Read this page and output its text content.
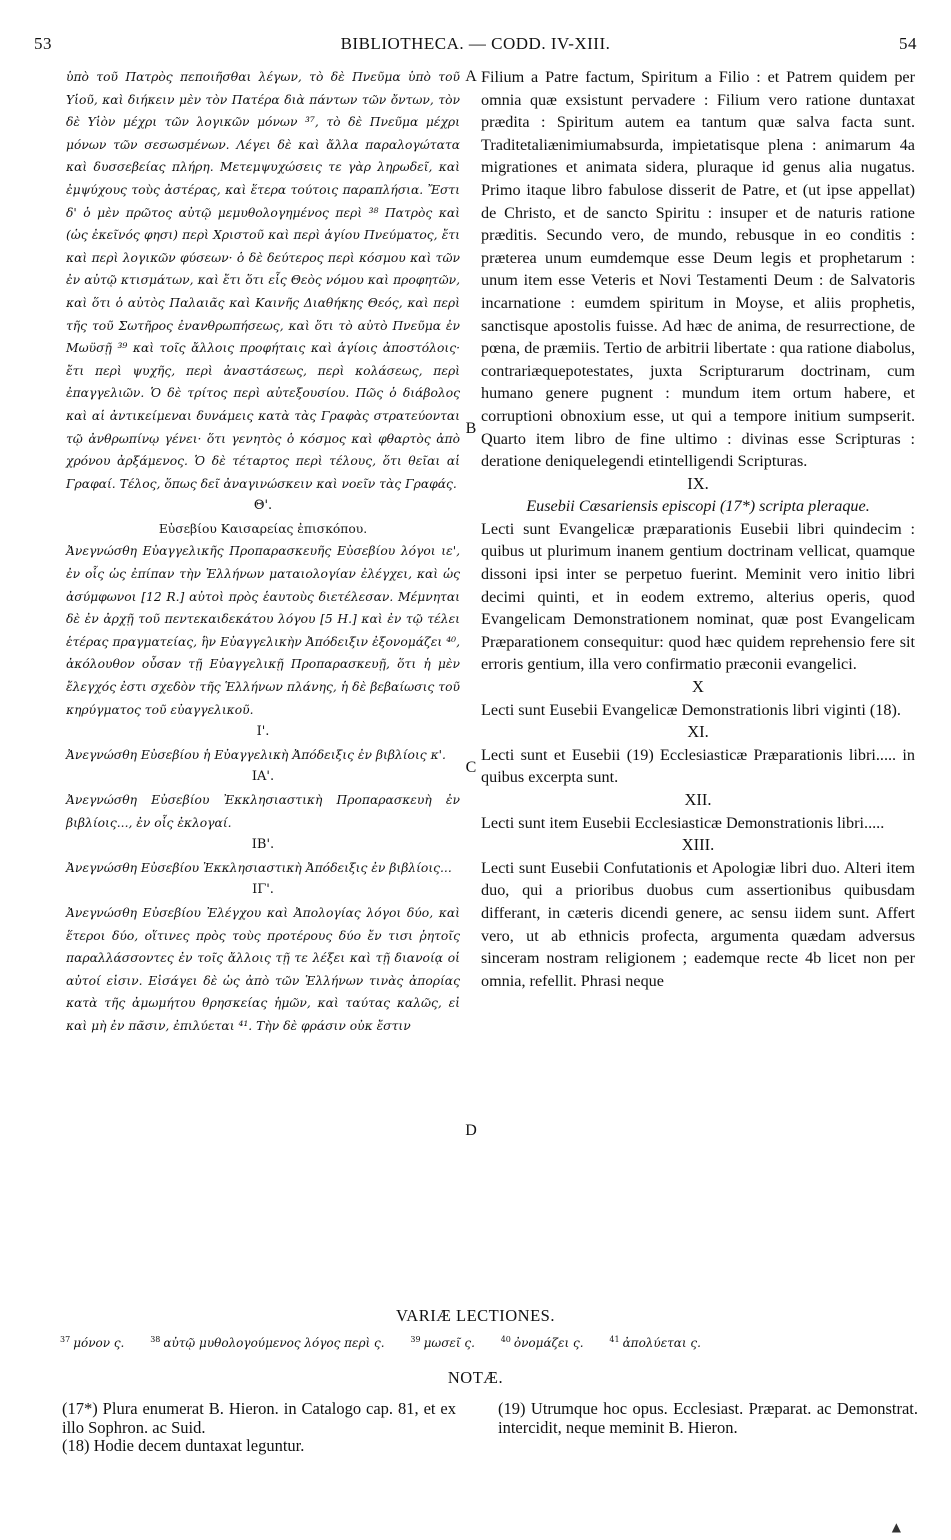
53	BIBLIOTHECA. — CODD. IV-XIII.	54

ὑπὸ τοῦ Πατρὸς πεποιῆσθαι λέγων, τὸ δὲ Πνεῦμα ὑπὸ τοῦ Υἱοῦ, καὶ διήκειν μὲν τὸν Πατέρα διὰ πάντων τῶν ὄντων, τὸν δὲ Υἱὸν μέχρι τῶν λογικῶν μόνων ³⁷, τὸ δὲ Πνεῦμα μέχρι μόνων τῶν σεσωσμένων. Λέγει δὲ καὶ ἄλλα παραλογώτατα καὶ δυσσεβείας πλήρη. Μετεμψυχώσεις τε γὰρ ληρωδεῖ, καὶ ἐμψύχους τοὺς ἀστέρας, καὶ ἕτερα τούτοις παραπλήσια. Ἔστι δ' ὁ μὲν πρῶτος αὐτῷ μεμυθολογημένος περὶ ³⁸ Πατρὸς καὶ (ὡς ἐκεῖνός φησι) περὶ Χριστοῦ καὶ περὶ ἁγίου Πνεύματος, ἔτι καὶ περὶ λογικῶν φύσεων· ὁ δὲ δεύτερος περὶ κόσμου καὶ τῶν ἐν αὐτῷ κτισμάτων, καὶ ἔτι ὅτι εἷς Θεὸς νόμου καὶ προφητῶν, καὶ ὅτι ὁ αὐτὸς Παλαιᾶς καὶ Καινῆς Διαθήκης Θεός, καὶ περὶ τῆς τοῦ Σωτῆρος ἐνανθρωπήσεως, καὶ ὅτι τὸ αὐτὸ Πνεῦμα ἐν Μωϋσῇ ³⁹ καὶ τοῖς ἄλλοις προφήταις καὶ ἁγίοις ἀποστόλοις· ἔτι περὶ ψυχῆς, περὶ ἀναστάσεως, περὶ κολάσεως, περὶ ἐπαγγελιῶν. Ὁ δὲ τρίτος περὶ αὐτεξουσίου. Πῶς ὁ διάβολος καὶ αἱ ἀντικείμεναι δυνάμεις κατὰ τὰς Γραφὰς στρατεύονται τῷ ἀνθρωπίνῳ γένει· ὅτι γενητὸς ὁ κόσμος καὶ φθαρτὸς ἀπὸ χρόνου ἀρξάμενος. Ὁ δὲ τέταρτος περὶ τέλους, ὅτι θεῖαι αἱ Γραφαί. Τέλος, ὅπως δεῖ ἀναγινώσκειν καὶ νοεῖν τὰς Γραφάς.

Θ'.

Εὐσεβίου Καισαρείας ἐπισκόπου.

Ἀνεγνώσθη Εὐαγγελικῆς Προπαρασκευῆς Εὐσεβίου λόγοι ιε', ἐν οἷς ὡς ἐπίπαν τὴν Ἑλλήνων ματαιολογίαν ἐλέγχει, καὶ ὡς ἀσύμφωνοι [12 R.] αὐτοὶ πρὸς ἑαυτοὺς διετέλεσαν. Μέμνηται δὲ ἐν ἀρχῇ τοῦ πεντεκαιδεκάτου λόγου [5 H.] καὶ ἐν τῷ τέλει ἑτέρας πραγματείας, ἣν Εὐαγγελικὴν Ἀπόδειξιν ἐξονομάζει ⁴⁰, ἀκόλουθον οὖσαν τῇ Εὐαγγελικῇ Προπαρασκευῇ, ὅτι ἡ μὲν ἔλεγχός ἐστι σχεδὸν τῆς Ἑλλήνων πλάνης, ἡ δὲ βεβαίωσις τοῦ κηρύγματος τοῦ εὐαγγελικοῦ.

Ι'.

Ἀνεγνώσθη Εὐσεβίου ἡ Εὐαγγελικὴ Ἀπόδειξις ἐν βιβλίοις κ'.

ΙΑ'.

Ἀνεγνώσθη Εὐσεβίου Ἐκκλησιαστικὴ Προπαρασκευὴ ἐν βιβλίοις..., ἐν οἷς ἐκλογαί.

ΙΒ'.

Ἀνεγνώσθη Εὐσεβίου Ἐκκλησιαστικὴ Ἀπόδειξις ἐν βιβλίοις...

ΙΓ'.

Ἀνεγνώσθη Εὐσεβίου Ἐλέγχου καὶ Ἀπολογίας λόγοι δύο, καὶ ἕτεροι δύο, οἵτινες πρὸς τοὺς προτέρους δύο ἔν τισι ῥητοῖς παραλλάσσοντες ἐν τοῖς ἄλλοις τῇ τε λέξει καὶ τῇ διανοίᾳ οἱ αὐτοί εἰσιν. Εἰσάγει δὲ ὡς ἀπὸ τῶν Ἑλλήνων τινὰς ἀπορίας κατὰ τῆς ἀμωμήτου θρησκείας ἡμῶν, καὶ ταύτας καλῶς, εἰ καὶ μὴ ἐν πᾶσιν, ἐπιλύεται ⁴¹. Τὴν δὲ φράσιν οὐκ ἔστιν

A
B
C
D

Filium a Patre factum, Spiritum a Filio : et Patrem quidem per omnia quæ exsistunt pervadere : Filium vero ratione duntaxat prædita : Spiritum autem ea tantum quæ salva facta sunt. Traditetaliænimiumabsurda, impietatisque plena : animarum 4a migrationes et animata sidera, pluraque id genus alia nugatus. Primo itaque libro fabulose disserit de Patre, et (ut ipse appellat) de Christo, et de sancto Spiritu : insuper et de naturis ratione præditis. Secundo vero, de mundo, rebusque in eo conditis : præterea unum eumdemque esse Deum legis et prophetarum : unum item esse Veteris et Novi Testamenti Deum : de Salvatoris incarnatione : eumdem spiritum in Moyse, et aliis prophetis, sanctisque apostolis fuisse. Ad hæc de anima, de resurrectione, de pœna, de præmiis. Tertio de arbitrii libertate : qua ratione diabolus, contrariæquepotestates, juxta Scripturarum doctrinam, cum humano genere pugnent : mundum item ortum habere, et corruptioni obnoxium esse, ut qui a tempore initium sumpserit. Quarto item libro de fine ultimo : divinas esse Scripturas : deratione deniquelegendi etintelligendi Scripturas.

IX.

Eusebii Cæsariensis episcopi (17*) scripta pleraque.

Lecti sunt Evangelicæ præparationis Eusebii libri quindecim : quibus ut plurimum inanem gentium doctrinam vellicat, quamque dissoni ipsi inter se perpetuo fuerint. Meminit vero initio libri decimi quinti, et in eodem extremo, alterius operis, quod Evangelicam Demonstrationem nominat, quæ post Evangelicam Præparationem consequitur: quod hæc quidem reprehensio fere sit erroris gentium, illa vero confirmatio præconii evangelici.

X

Lecti sunt Eusebii Evangelicæ Demonstrationis libri viginti (18).

XI.

Lecti sunt et Eusebii (19) Ecclesiasticæ Præparationis libri..... in quibus excerpta sunt.

XII.

Lecti sunt item Eusebii Ecclesiasticæ Demonstrationis libri.....

XIII.

Lecti sunt Eusebii Confutationis et Apologiæ libri duo. Alteri item duo, qui a prioribus duobus cum assertionibus quibusdam differant, in cæteris dicendi genere, ac sensu iidem sunt. Affert vero, ut ab ethnicis profecta, argumenta quædam adversus sinceram nostram religionem ; eademque recte 4b licet non per omnia, refellit. Phrasi neque

VARIÆ LECTIONES.
$^{37}$ μόνον ς.	$^{38}$ αὐτῷ μυθολογούμενος λόγος περὶ ς.	$^{39}$ μωσεῖ ς.	$^{40}$ ὀνομάζει ς.	$^{41}$ ἀπολύεται ς.
NOTÆ.

(17*) Plura enumerat B. Hieron. in Catalogo cap. 81, et ex illo Sophron. ac Suid.

(18) Hodie decem duntaxat leguntur.

(19) Utrumque hoc opus. Ecclesiast. Præparat. ac Demonstrat. intercidit, neque meminit B. Hieron.

▲
